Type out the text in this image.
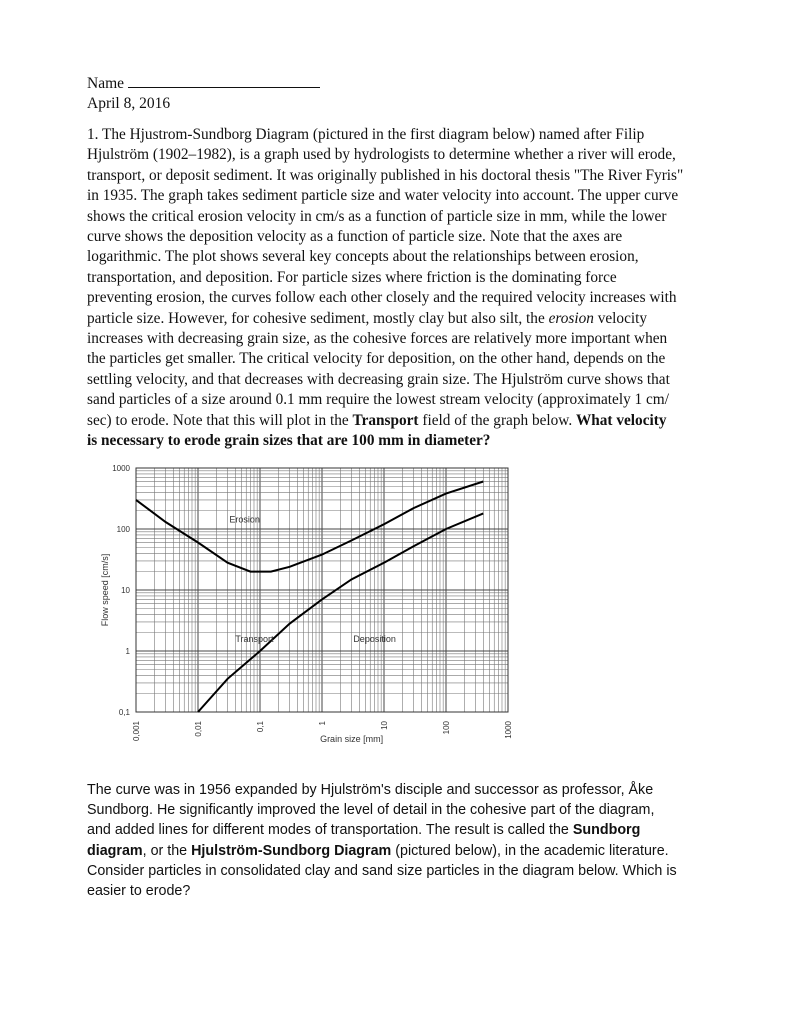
Name
April 8, 2016
1. The Hjustrom-Sundborg Diagram (pictured in the first diagram below) named after Filip
Hjulström (1902–1982), is a graph used by hydrologists to determine whether a river will erode,
transport, or deposit sediment. It was originally published in his doctoral thesis "The River Fyris"
in 1935. The graph takes sediment particle size and water velocity into account. The upper curve
shows the critical erosion velocity in cm/s as a function of particle size in mm, while the lower
curve shows the deposition velocity as a function of particle size. Note that the axes are
logarithmic. The plot shows several key concepts about the relationships between erosion,
transportation, and deposition. For particle sizes where friction is the dominating force
preventing erosion, the curves follow each other closely and the required velocity increases with
particle size. However, for cohesive sediment, mostly clay but also silt, the erosion velocity
increases with decreasing grain size, as the cohesive forces are relatively more important when
the particles get smaller. The critical velocity for deposition, on the other hand, depends on the
settling velocity, and that decreases with decreasing grain size. The Hjulström curve shows that
sand particles of a size around 0.1 mm require the lowest stream velocity (approximately 1 cm/
sec) to erode. Note that this will plot in the Transport field of the graph below. What velocity
is necessary to erode grain sizes that are 100 mm in diameter?
0,1
1
10
100
1000
0,001	0,01	0,1	1	10	100	1000
Erosion
Transport	Deposition
Grain size [mm]
Flow speed [cm/s]
The curve was in 1956 expanded by Hjulström's disciple and successor as professor, Åke
Sundborg. He significantly improved the level of detail in the cohesive part of the diagram,
and added lines for different modes of transportation. The result is called the Sundborg
diagram, or the Hjulström-Sundborg Diagram (pictured below), in the academic literature.
Consider particles in consolidated clay and sand size particles in the diagram below. Which is
easier to erode?
